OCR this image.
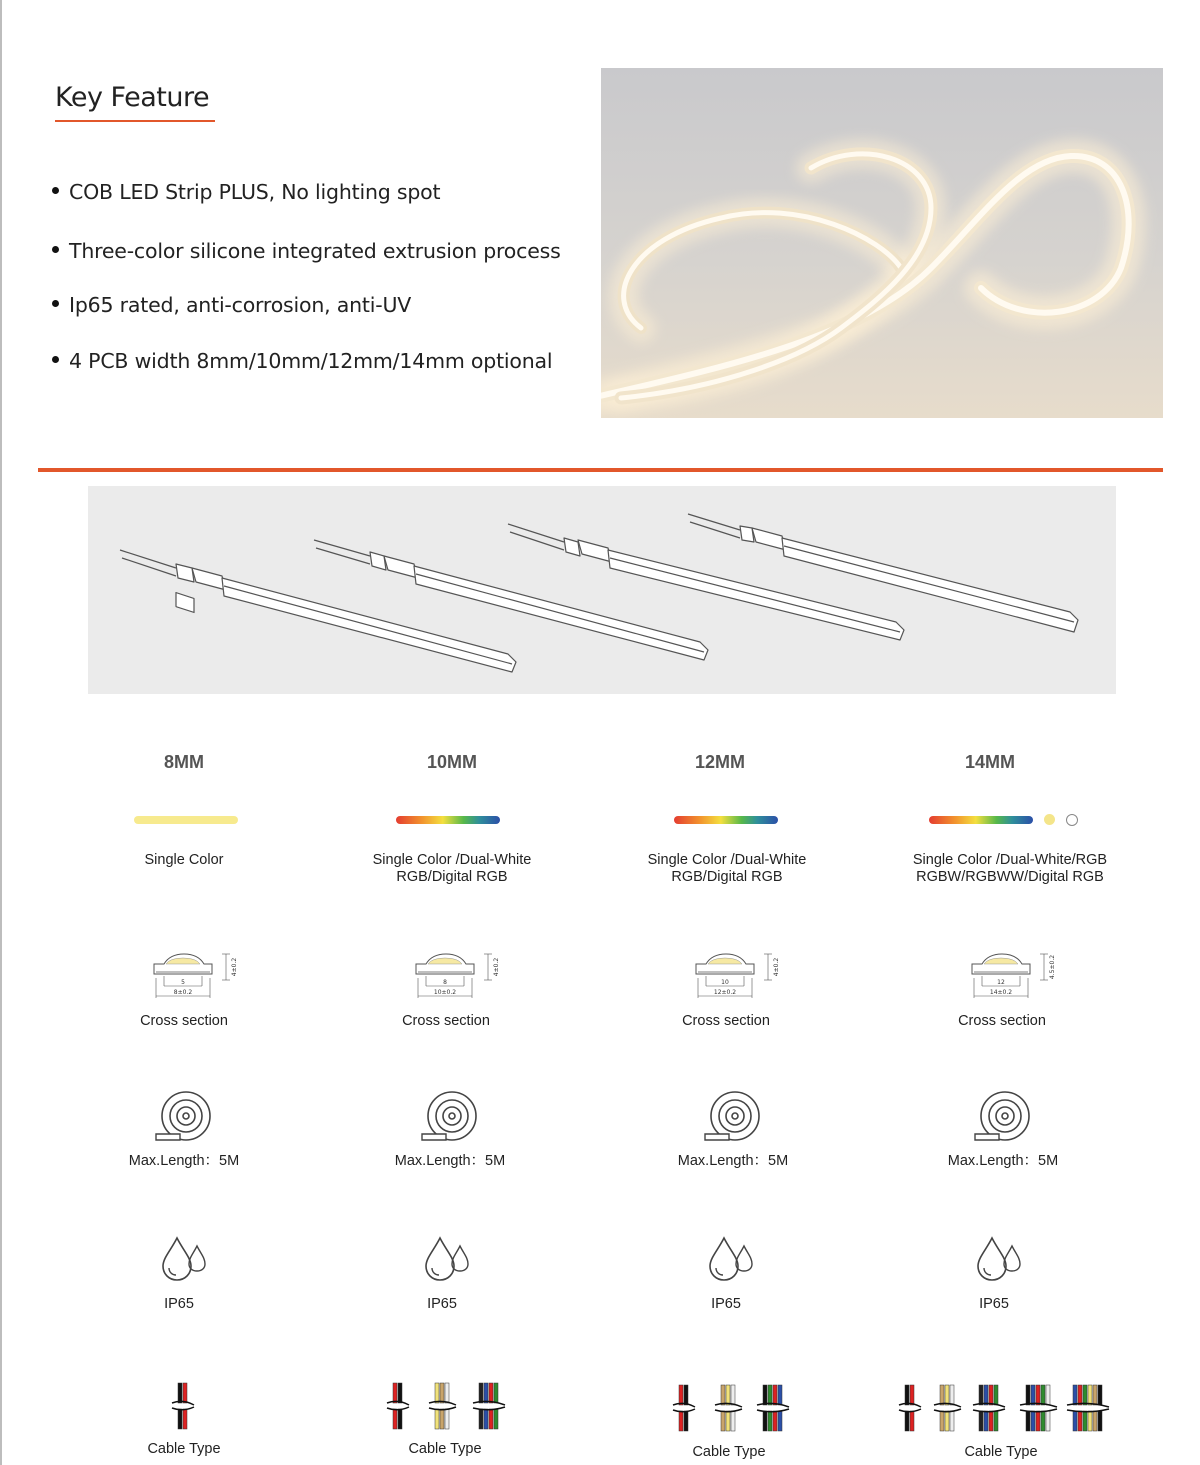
Key Feature
COB LED Strip PLUS, No lighting spot
Three-color silicone integrated extrusion process
Ip65 rated, anti-corrosion, anti-UV
4 PCB width 8mm/10mm/12mm/14mm optional
8MM
Single Color
5
8±0.2
4±0.2
Cross section
Max.Length：5M
IP65
Cable Type
10MM
Single Color /Dual-White
RGB/Digital RGB
8
10±0.2
4±0.2
Cross section
Max.Length：5M
IP65
Cable Type
12MM
Single Color /Dual-White
RGB/Digital RGB
10
12±0.2
4±0.2
Cross section
Max.Length：5M
IP65
Cable Type
14MM
Single Color /Dual-White/RGB
RGBW/RGBWW/Digital RGB
12
14±0.2
4.5±0.2
Cross section
Max.Length：5M
IP65
Cable Type
